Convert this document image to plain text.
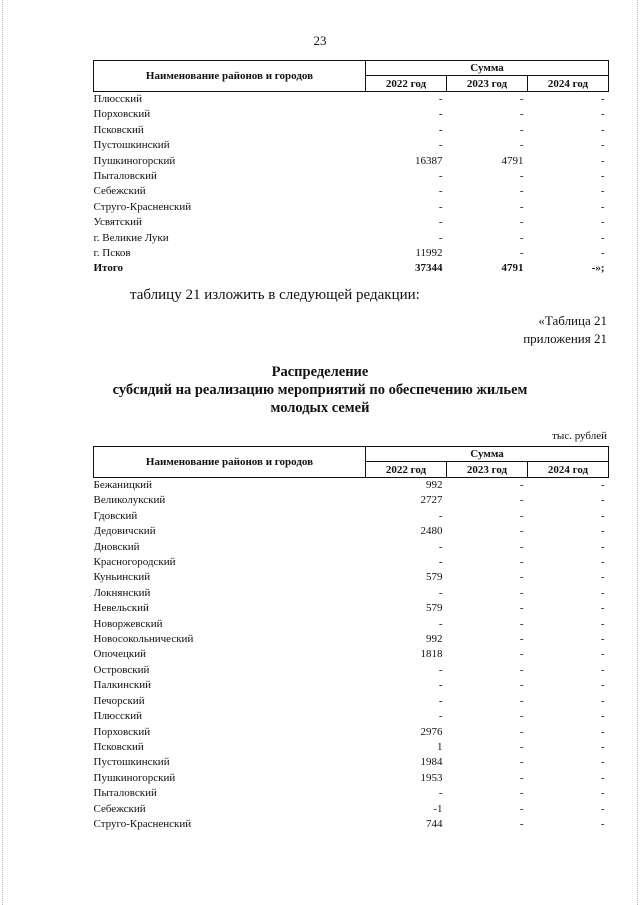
23
Наименование районов и городов	Сумма		
	2022 год	2023 год	2024 год
Плюсский	-	-	-
Порховский	-	-	-
Псковский	-	-	-
Пустошкинский	-	-	-
Пушкиногорский	16387	4791	-
Пыталовский	-	-	-
Себежский	-	-	-
Струго-Красненский	-	-	-
Усвятский	-	-	-
г. Великие Луки	-	-	-
г. Псков	11992	-	-
Итого	37344	4791	-»;
таблицу 21 изложить в следующей редакции:
«Таблица 21
приложения 21
Распределение
субсидий на реализацию мероприятий по обеспечению жильем
молодых семей
тыс. рублей
Наименование районов и городов	Сумма		
	2022 год	2023 год	2024 год
Бежаницкий	992	-	-
Великолукский	2727	-	-
Гдовский	-	-	-
Дедовичский	2480	-	-
Дновский	-	-	-
Красногородский	-	-	-
Куньинский	579	-	-
Локнянский	-	-	-
Невельский	579	-	-
Новоржевский	-	-	-
Новосокольнический	992	-	-
Опочецкий	1818	-	-
Островский	-	-	-
Палкинский	-	-	-
Печорский	-	-	-
Плюсский	-	-	-
Порховский	2976	-	-
Псковский	1	-	-
Пустошкинский	1984	-	-
Пушкиногорский	1953	-	-
Пыталовский	-	-	-
Себежский	-1	-	-
Струго-Красненский	744	-	-
